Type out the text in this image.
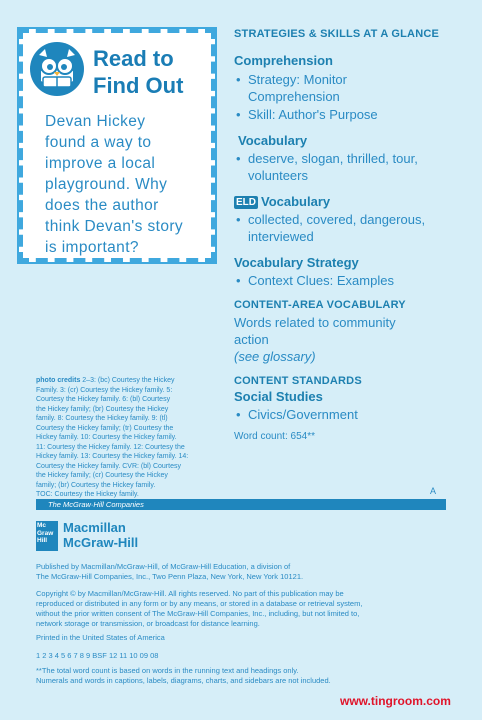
Read to
Find Out
Devan Hickey
found a way to
improve a local
playground. Why
does the author
think Devan's story
is important?
STRATEGIES & SKILLS AT A GLANCE
Comprehension
• Strategy: Monitor
Comprehension
• Skill: Author's Purpose
Vocabulary
• deserve, slogan, thrilled, tour,
volunteers
ELD Vocabulary
• collected, covered, dangerous,
interviewed
Vocabulary Strategy
• Context Clues: Examples
CONTENT-AREA VOCABULARY
Words related to community
action
(see glossary)
CONTENT STANDARDS
Social Studies
• Civics/Government
Word count: 654**
photo credits 2–3: (bc) Courtesy the Hickey
Family. 3: (cr) Courtesy the Hickey family. 5:
Courtesy the Hickey family. 6: (bl) Courtesy
the Hickey family; (br) Courtesy the Hickey
family. 8: Courtesy the Hickey family. 9: (tl)
Courtesy the Hickey family; (tr) Courtesy the
Hickey family. 10: Courtesy the Hickey family.
11: Courtesy the Hickey family. 12: Courtesy the
Hickey family. 13: Courtesy the Hickey family. 14:
Courtesy the Hickey family. CVR: (bl) Courtesy
the Hickey family; (cr) Courtesy the Hickey
family; (br) Courtesy the Hickey family.
TOC: Courtesy the Hickey family.	A
The McGraw·Hill Companies
Mc
Graw
Hill
Macmillan
McGraw-Hill
Published by Macmillan/McGraw-Hill, of McGraw-Hill Education, a division of
The McGraw-Hill Companies, Inc., Two Penn Plaza, New York, New York 10121.
Copyright © by Macmillan/McGraw-Hill. All rights reserved. No part of this publication may be
reproduced or distributed in any form or by any means, or stored in a database or retrieval system,
without the prior written consent of The McGraw-Hill Companies, Inc., including, but not limited to,
network storage or transmission, or broadcast for distance learning.
Printed in the United States of America
1 2 3 4 5 6 7 8 9 BSF 12 11 10 09 08
**The total word count is based on words in the running text and headings only.
Numerals and words in captions, labels, diagrams, charts, and sidebars are not included.
www.tingroom.com
